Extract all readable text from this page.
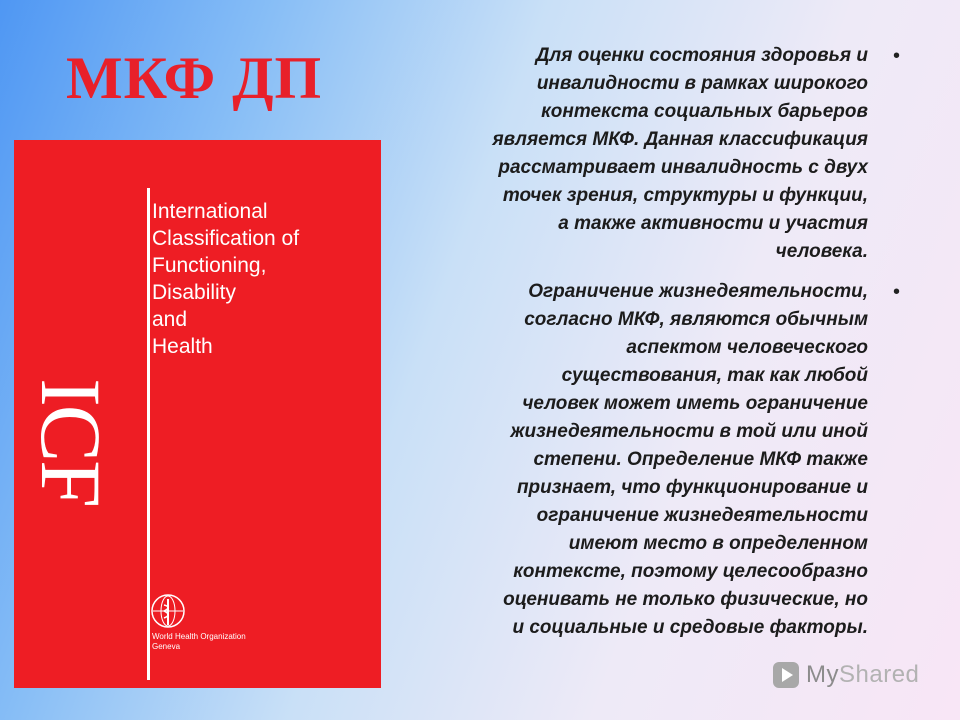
МКФ ДП
ICF
International
Classification of
Functioning,
Disability
and
Health
World Health Organization
Geneva
•
Для оценки состояния здоровья и
инвалидности в рамках широкого
контекста социальных барьеров
является МКФ. Данная классификация
рассматривает инвалидность с двух
точек зрения, структуры и функции,
а также активности и участия
человека.
•
Ограничение жизнедеятельности,
согласно МКФ, являются обычным
аспектом человеческого
существования, так как любой
человек может иметь ограничение
жизнедеятельности в той или иной
степени. Определение МКФ также
признает, что функционирование и
ограничение жизнедеятельности
имеют место в определенном
контексте, поэтому целесообразно
оценивать не только физические, но
и социальные и средовые факторы.
MyShared
